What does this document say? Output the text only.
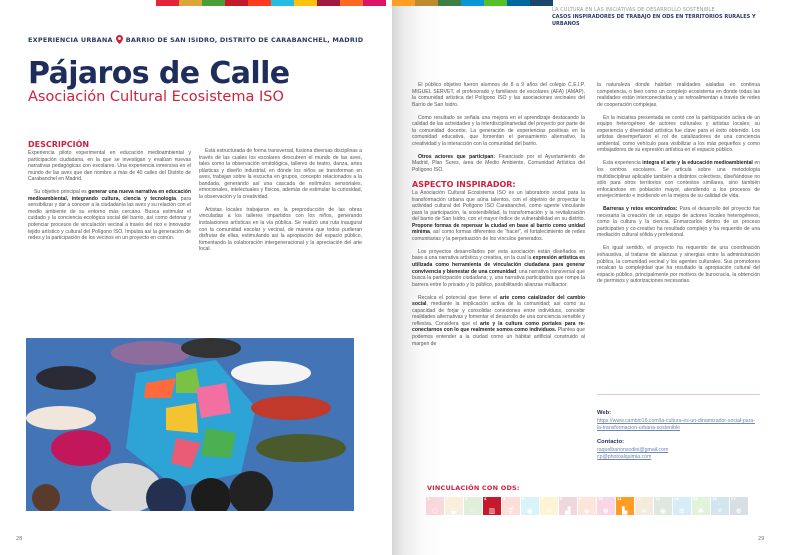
EXPERIENCIA URBANA BARRIO DE SAN ISIDRO, DISTRITO DE CARABANCHEL, MADRID
Pájaros de Calle
Asociación Cultural Ecosistema ISO
DESCRIPCIÓN

Experiencia piloto experimental en educación medioambiental y participación ciudadana, en la que se investigan y evalúan nuevas narrativas pedagógicas con escolares. Una experiencia inmersiva en el mundo de las aves que dan nombre a más de 40 calles del Distrito de Carabanchel en Madrid.

Su objetivo principal es generar una nueva narrativa en educación medioambiental, integrando cultura, ciencia y tecnología, para sensibilizar y dar a conocer a la ciudadanía las aves y su relación con el medio ambiente de su entorno más cercano. Busca estimular el cuidado y la conciencia ecológica social del barrio, así como detonar y potenciar procesos de vinculación vecinal a través del rico e innovador tejido artístico y cultural del Polígono ISO. Impulsa así la generación de redes y la participación de los vecinos en un proyecto en común.

Está estructurada de forma transversal, fusiona diversas disciplinas a través de las cuales los escolares descubren el mundo de las aves, tales como la observación ornitológica, talleres de teatro, danza, artes plásticas y diseño industrial, en dónde los niños se transforman en aves, trabajan sobre la escucha en grupos, concepto relacionados a la bandada, generando así una cascada de estímulos sensoriales, emocionales, intelectuales y físicos, además de estimular la curiosidad, la observación y la creatividad.

Artistas locales trabajaron en la preproducción de las obras vinculadas a los talleres impartidos con los niños, generando instalaciones artísticas en la vía pública. Se realizó una ruta inaugural con la comunidad escolar y vecinal, de manera que todos pudieran disfrutar de ellas, estimulando así la apropiación del espacio público, fomentando la colaboración intergeneracional y la apreciación del arte local.

28
LA CULTURA EN LAS INICIATIVAS DE DESARROLLO SOSTENIBLE
CASOS INSPIRADORES DE TRABAJO EN ODS EN TERRITORIOS RURALES Y URBANOS

El público objetivo fueron alumnos de 8 a 9 años del colegio C.E.I.P. MIGUEL SERVET, el profesorado y familiares de escolares (AFA) (AMAP), la comunidad artística del Polígono ISO y las asociaciones vecinales del Barrio de San Isidro.

Como resultado se señala una mejora en el aprendizaje destacando la calidad de las actividades y la interdisciplinariedad del proyecto por parte de la comunidad docente. La generación de experiencias positivas en la comunidad educativa, que fomentan el pensamiento alternativo, la creatividad y la interacción con la comunidad del barrio.

Otros actores que participan: Financiado por el Ayuntamiento de Madrid, Plan Sures, área de Medio Ambiente, Comunidad Artística del Polígono ISO.

ASPECTO INSPIRADOR:

La Asociación Cultural Ecosistema ISO es un laboratorio social para la transformación urbana que aúna talentos, con el objetivo de proyectar la actividad cultural del Polígono ISO Carabanchel, como agente vinculante para la participación, la sostenibilidad, la transformación y la revitalización del barrio de San Isidro, con el mayor índice de vulnerabilidad en su distrito. Propone formas de repensar la ciudad en base al barrio como unidad mínima, así como formas diferentes de "hacer", el fortalecimiento de redes comunitarias y la perpetuación de los vínculos generados.

Los proyectos desarrollados por esta asociación están diseñados en base a una narrativa artística y creativa, en la cual la expresión artística es utilizada como herramienta de vinculación ciudadana para generar convivencia y bienestar de una comunidad; una narrativa transversal que busca la participación ciudadana; y, una narrativa participativa que rompe la barrera entre lo privado y lo público, posibilitando alianzas multiactor.

Recalca el potencial que tiene el arte como catalizador del cambio social, mediante la implicación activa de la comunidad; así como su capacidad de forjar y consolidar conexiones entre individuos, concebir realidades alternativas y fomentar el desarrollo de una conciencia sensible y reflexiva. Considera que el arte y la cultura como portales para re-conectarnos con lo que realmente somos como individuos. Plantea que podemos entender a la ciudad como un hábitat artificial construido al margen de

la naturaleza donde habitan realidades aisladas en continua competencia, o bien como un complejo ecosistema en donde todas las realidades están interconectadas y se retroalimentan a través de redes de cooperación complejas.

En la iniciativa presentada se contó con la participación activa de un equipo heterogéneo de actores culturales y artistas locales; su experiencia y diversidad artística fue clave para el éxito obtenido. Los artistas desempeñaron el rol de catalizadores de una conciencia ambiental, como vehículo para visibilizar a los más pequeños y como embajadores de su expresión artística en el espacio público.

Esta experiencia integra el arte y la educación medioambiental en los centros escolares. Se articula sobre una metodología multidisciplinar aplicable también a distintos colectivos, diseñándose no sólo para otros territorios con contextos similares, sino también enfocándose en población mayor, atendiendo a los procesos de envejecimiento e incidiendo en la mejora de su calidad de vida.

Barreras y retos encontrados: Para el desarrollo del proyecto fue necesaria la creación de un equipo de actores locales heterogéneos, como la cultura y la ciencia. Enmarcarlos dentro de un proceso participativo y co-creativo ha resultado complejo y ha requerido de una mediación cultural sólida y profesional.

En igual sentido, el proyecto ha requerido de una coordinación exhaustiva, al tratarse de alianzas y sinergias entre la administración pública, la comunidad vecinal y los agentes culturales. Sus promotores recalcan la complejidad que ha resultado la apropiación cultural del espacio público, principalmente por motivos de burocracia, la obtención de permisos y autorizaciones necesarias.

Web:
https://www.cambio16.com/la-cultura-es-un-dinamizador-social-para-la-transformacion-urbana-sostenible
Contacto:
raquelbanonsodini@gmail.com
cp@photoalquimia.com
VINCULACIÓN CON ODS:
1
⚇
2
◒
3
♡
4
▥
5
⚥
6
◉
7
☼
8
▟
9
◈
10
⊜
11
▙
12
∞
13
◉
14
≋
15
♣
16
✕
17
⊛
29
